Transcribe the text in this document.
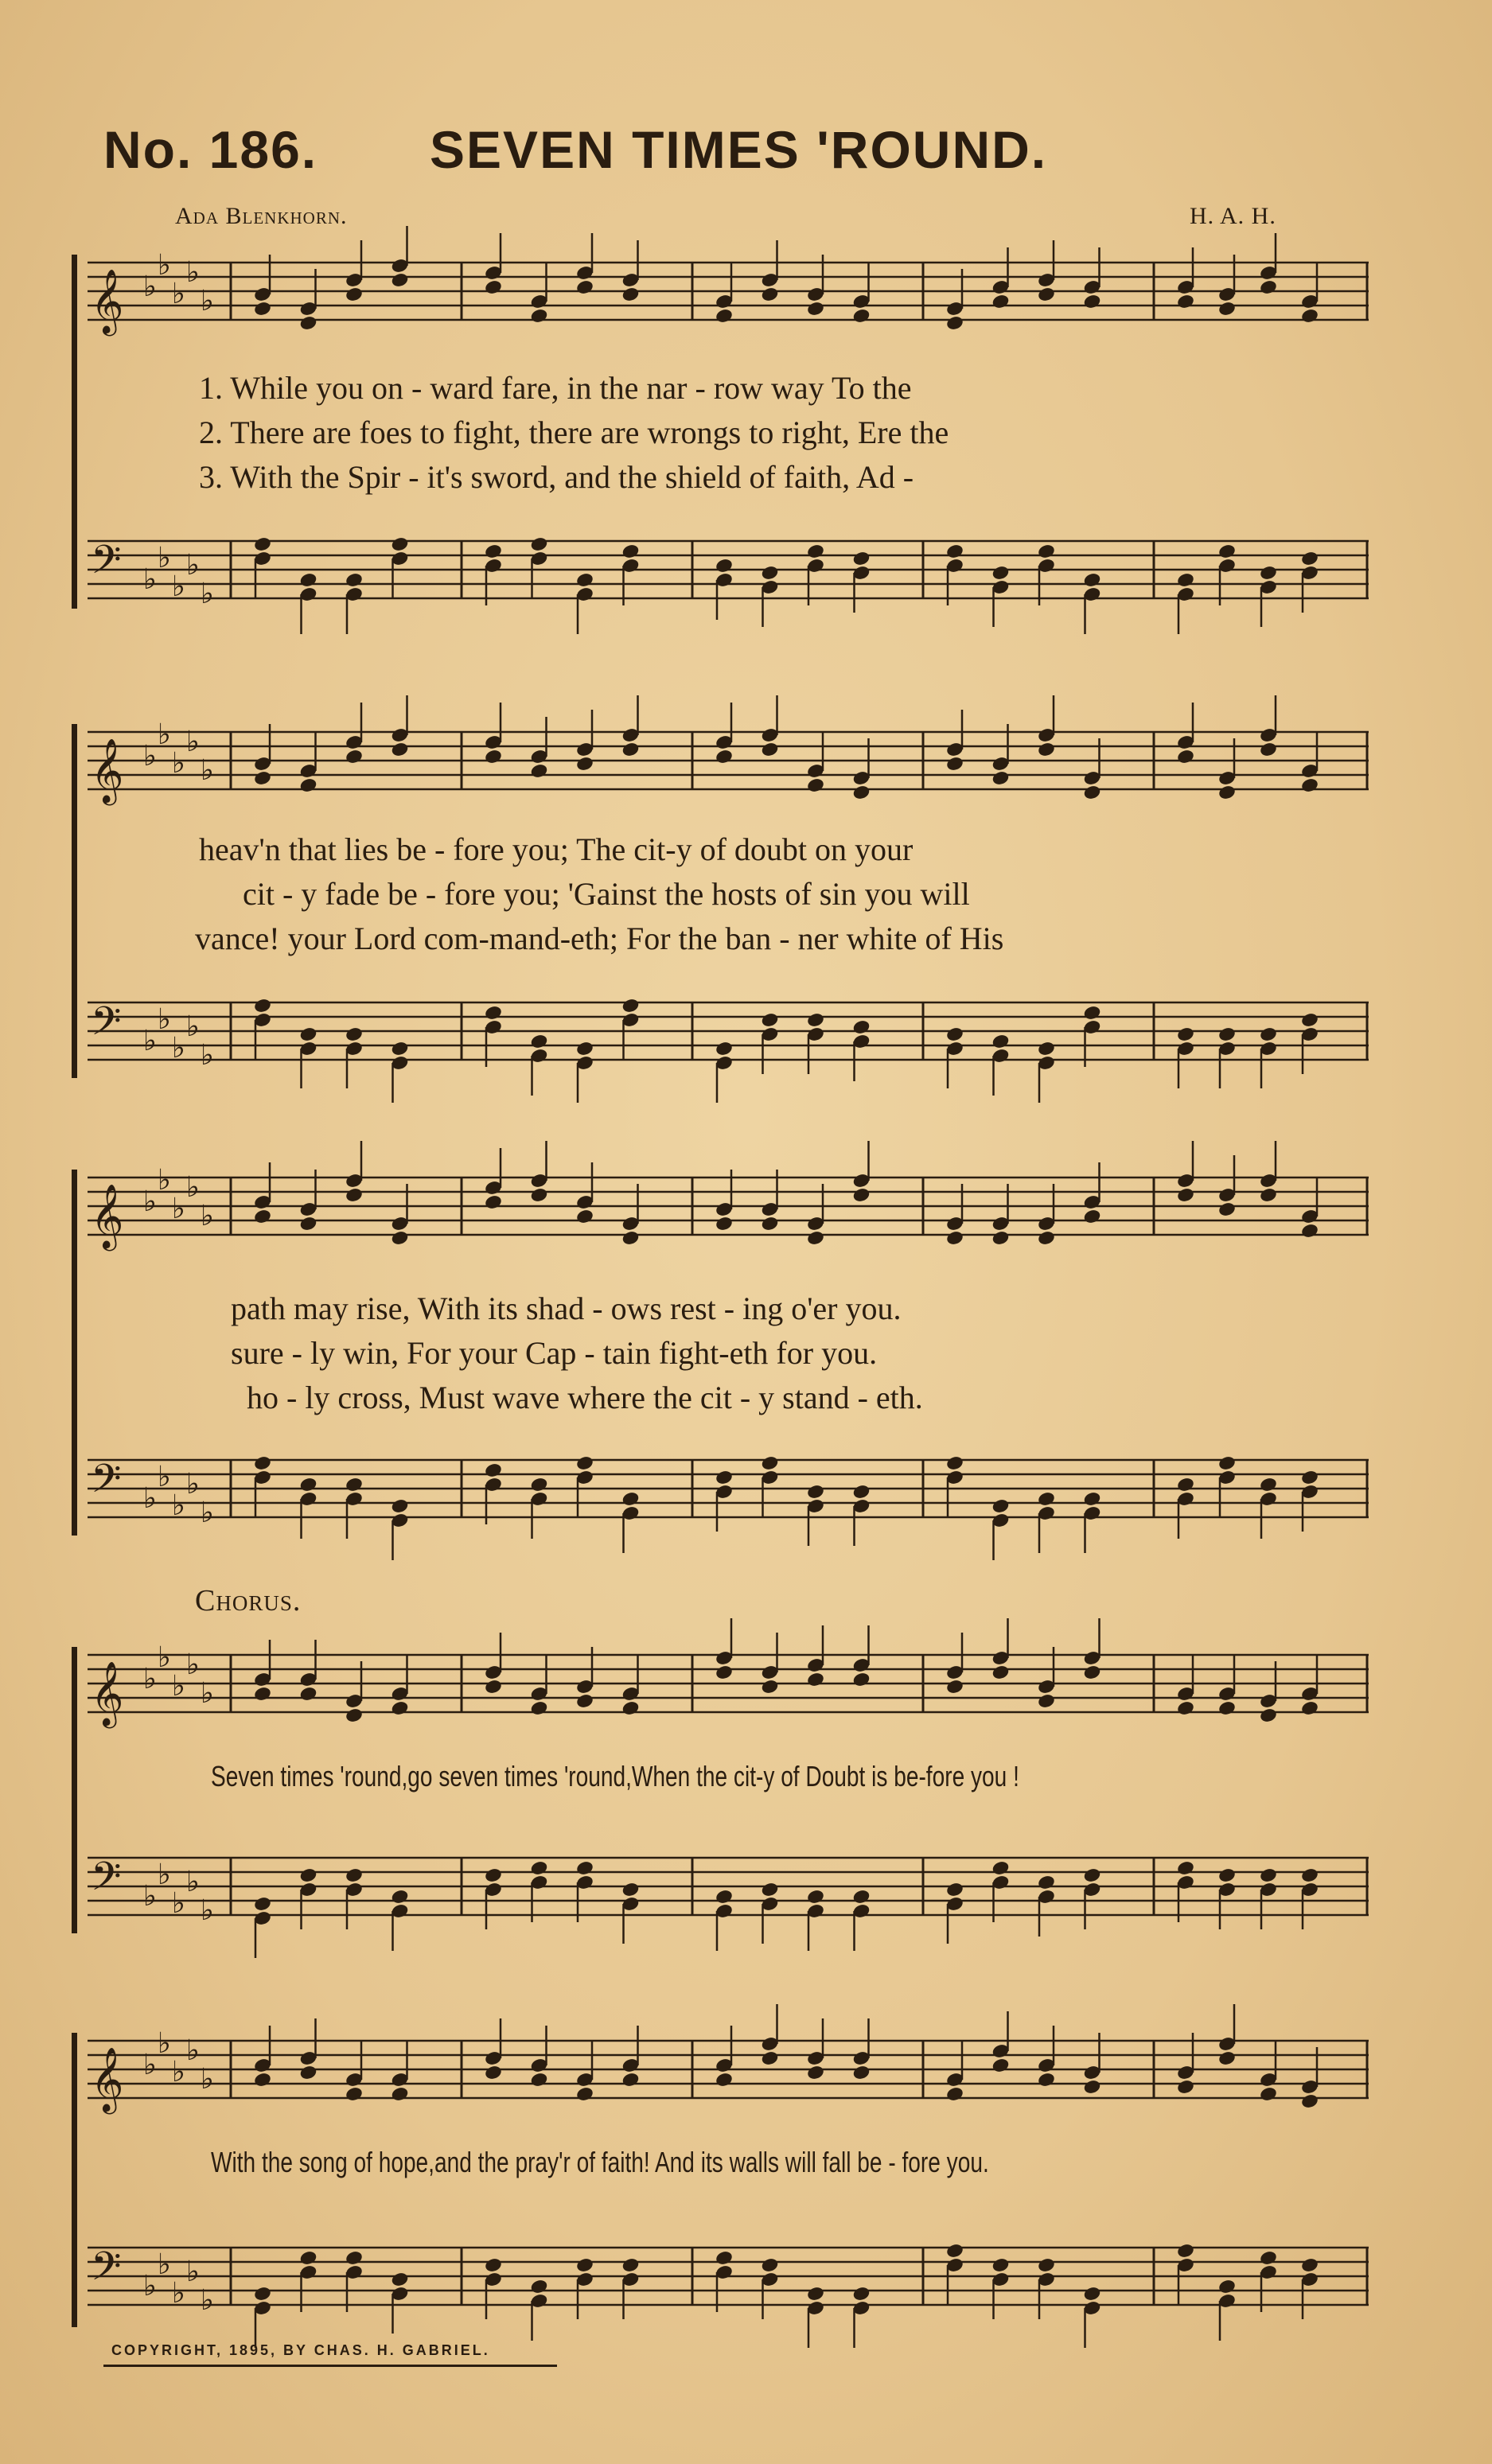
No. 186. SEVEN TIMES 'ROUND.
Ada Blenkhorn.	H. A. H.
𝄞 ♭
♭
♭
♭
♭
1. While you on - ward fare, in the nar - row way To the
2. There are foes to fight, there are wrongs to right, Ere the
3. With the Spir - it's sword, and the shield of faith, Ad -
𝄢 ♭
♭
♭
♭
♭
𝄞 ♭
♭
♭
♭
♭
heav'n that lies be - fore you; The cit-y of doubt on your
cit - y fade be - fore you; 'Gainst the hosts of sin you will
vance! your Lord com-mand-eth; For the ban - ner white of His
𝄢 ♭
♭
♭
♭
♭
𝄞 ♭
♭
♭
♭
♭
path may rise, With its shad - ows rest - ing o'er you.
sure - ly win, For your Cap - tain fight-eth for you.
ho - ly cross, Must wave where the cit - y stand - eth.
𝄢 ♭
♭
♭
♭
♭
Chorus.
𝄞 ♭
♭
♭
♭
♭
Seven times 'round,go seven times 'round,When the cit-y of Doubt is be-fore you !
𝄢 ♭
♭
♭
♭
♭
𝄞 ♭
♭
♭
♭
♭
With the song of hope,and the pray'r of faith! And its walls will fall be - fore you.
𝄢 ♭
♭
♭
♭
♭
COPYRIGHT, 1895, BY CHAS. H. GABRIEL.
